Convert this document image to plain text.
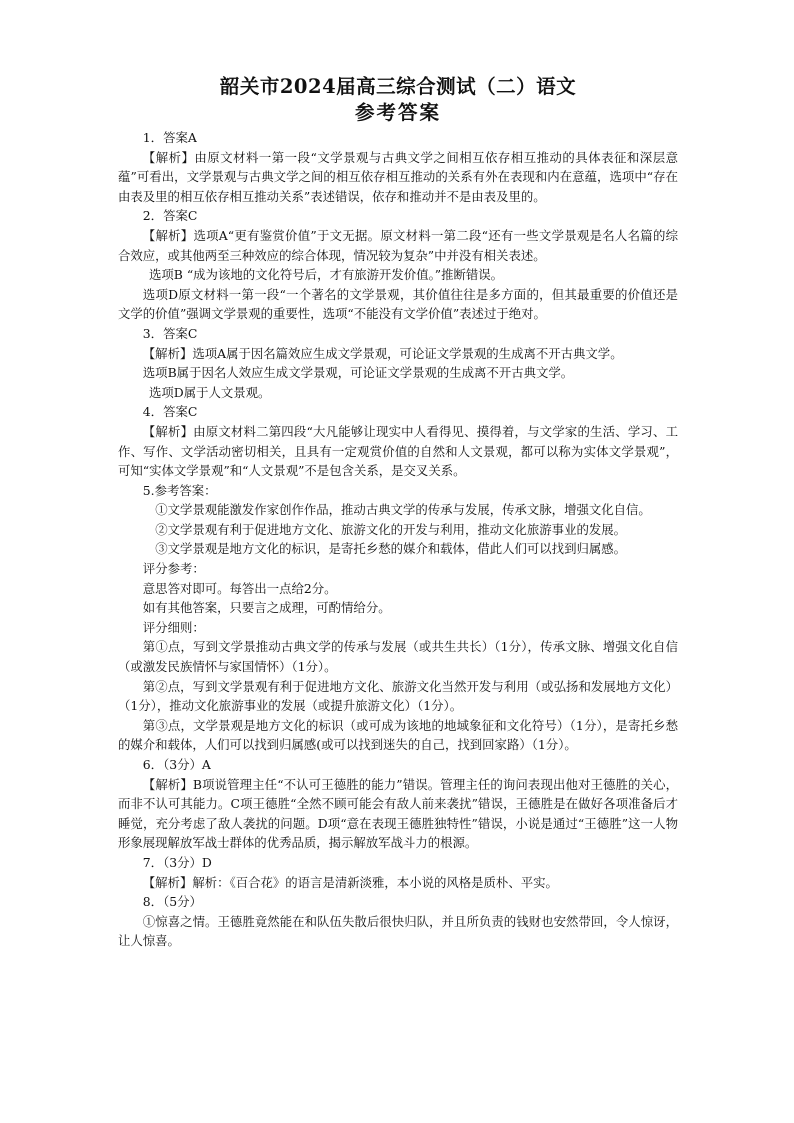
韶关市2024届高三综合测试（二）语文
参考答案

1．答案A

【解析】由原文材料一第一段“文学景观与古典文学之间相互依存相互推动的具体表征和深层意蕴”可看出，文学景观与古典文学之间的相互依存相互推动的关系有外在表现和内在意蕴，选项中“存在由表及里的相互依存相互推动关系”表述错误，依存和推动并不是由表及里的。

2．答案C

【解析】选项A“更有鉴赏价值”于文无据。原文材料一第二段“还有一些文学景观是名人名篇的综合效应，或其他两至三种效应的综合体现，情况较为复杂”中并没有相关表述。

选项B “成为该地的文化符号后，才有旅游开发价值。”推断错误。

选项D原文材料一第一段“一个著名的文学景观，其价值往往是多方面的，但其最重要的价值还是文学的价值”强调文学景观的重要性，选项“不能没有文学价值”表述过于绝对。

3．答案C

【解析】选项A属于因名篇效应生成文学景观，可论证文学景观的生成离不开古典文学。

选项B属于因名人效应生成文学景观，可论证文学景观的生成离不开古典文学。

选项D属于人文景观。

4．答案C

【解析】由原文材料二第四段“大凡能够让现实中人看得见、摸得着，与文学家的生活、学习、工作、写作、文学活动密切相关，且具有一定观赏价值的自然和人文景观，都可以称为实体文学景观”，可知“实体文学景观”和“人文景观”不是包含关系，是交叉关系。

5.参考答案：

①文学景观能激发作家创作作品，推动古典文学的传承与发展，传承文脉，增强文化自信。

②文学景观有利于促进地方文化、旅游文化的开发与利用，推动文化旅游事业的发展。

③文学景观是地方文化的标识，是寄托乡愁的媒介和载体，借此人们可以找到归属感。

评分参考：

意思答对即可。每答出一点给2分。

如有其他答案，只要言之成理，可酌情给分。

评分细则：

第①点，写到文学景推动古典文学的传承与发展（或共生共长）（1分），传承文脉、增强文化自信（或激发民族情怀与家国情怀）（1分）。

第②点，写到文学景观有利于促进地方文化、旅游文化当然开发与利用（或弘扬和发展地方文化）（1分），推动文化旅游事业的发展（或提升旅游文化）（1分）。

第③点，文学景观是地方文化的标识（或可成为该地的地域象征和文化符号）（1分），是寄托乡愁的媒介和载体，人们可以找到归属感(或可以找到迷失的自己，找到回家路）（1分）。

6．（3分）A

【解析】B项说管理主任“不认可王德胜的能力”错误。管理主任的询问表现出他对王德胜的关心，而非不认可其能力。C项王德胜“全然不顾可能会有敌人前来袭扰”错误，王德胜是在做好各项准备后才睡觉，充分考虑了敌人袭扰的问题。D项“意在表现王德胜独特性”错误，小说是通过“王德胜”这一人物形象展现解放军战士群体的优秀品质，揭示解放军战斗力的根源。

7．（3分）D

【解析】解析：《百合花》的语言是清新淡雅，本小说的风格是质朴、平实。

8．（5分）

①惊喜之情。王德胜竟然能在和队伍失散后很快归队，并且所负责的钱财也安然带回，令人惊讶，让人惊喜。
